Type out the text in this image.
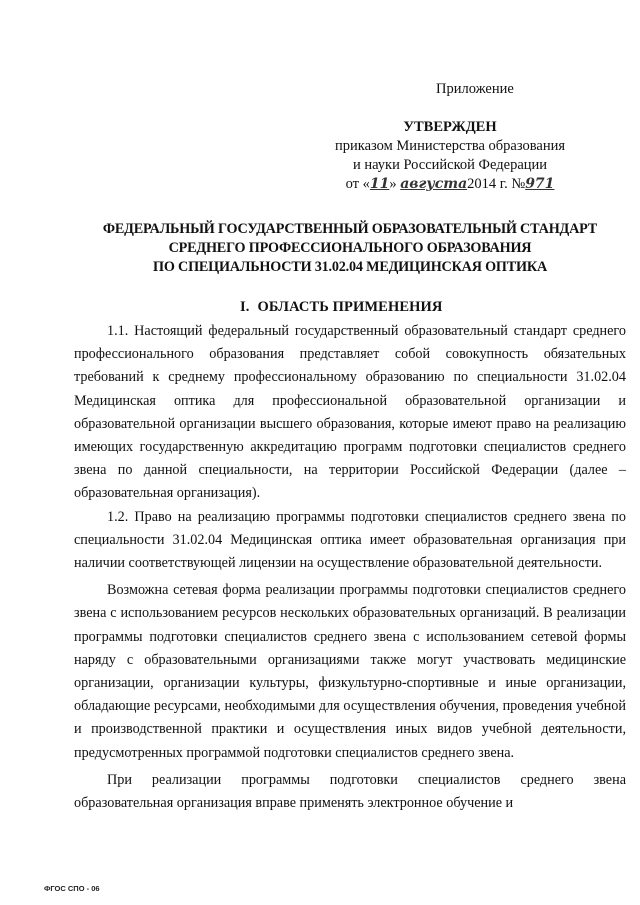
Приложение
УТВЕРЖДЕН
приказом Министерства образования
и науки Российской Федерации
от «11» августа2014 г. №971
ФЕДЕРАЛЬНЫЙ ГОСУДАРСТВЕННЫЙ ОБРАЗОВАТЕЛЬНЫЙ СТАНДАРТ
СРЕДНЕГО ПРОФЕССИОНАЛЬНОГО ОБРАЗОВАНИЯ
ПО СПЕЦИАЛЬНОСТИ 31.02.04 МЕДИЦИНСКАЯ ОПТИКА
I. ОБЛАСТЬ ПРИМЕНЕНИЯ

1.1. Настоящий федеральный государственный образовательный стандарт среднего профессионального образования представляет собой совокупность обязательных требований к среднему профессиональному образованию по специальности 31.02.04 Медицинская оптика для профессиональной образовательной организации и образовательной организации высшего образования, которые имеют право на реализацию имеющих государственную аккредитацию программ подготовки специалистов среднего звена по данной специальности, на территории Российской Федерации (далее – образовательная организация).

1.2. Право на реализацию программы подготовки специалистов среднего звена по специальности 31.02.04 Медицинская оптика имеет образовательная организация при наличии соответствующей лицензии на осуществление образовательной деятельности.

Возможна сетевая форма реализации программы подготовки специалистов среднего звена с использованием ресурсов нескольких образовательных организаций. В реализации программы подготовки специалистов среднего звена с использованием сетевой формы наряду с образовательными организациями также могут участвовать медицинские организации, организации культуры, физкультурно-спортивные и иные организации, обладающие ресурсами, необходимыми для осуществления обучения, проведения учебной и производственной практики и осуществления иных видов учебной деятельности, предусмотренных программой подготовки специалистов среднего звена.

При реализации программы подготовки специалистов среднего звена образовательная организация вправе применять электронное обучение и

ФГОС СПО - 06
